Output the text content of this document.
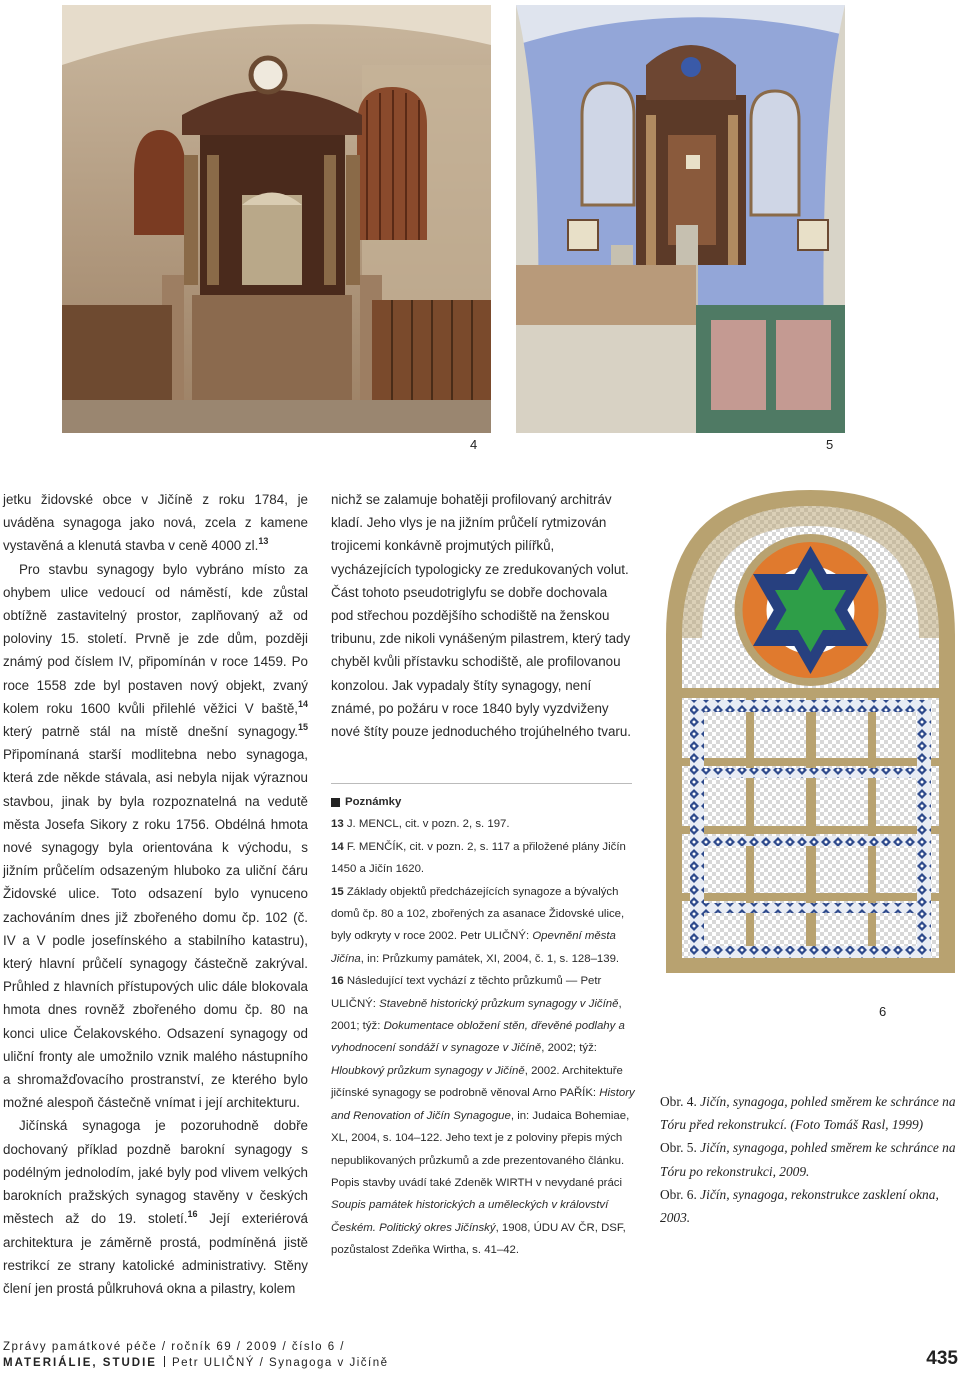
4	5

jetku židovské obce v Jičíně z roku 1784, je uváděna synagoga jako nová, zcela z kamene vystavěná a klenutá stavba v ceně 4000 zl.$^{13}$

Pro stavbu synagogy bylo vybráno místo za ohybem ulice vedoucí od náměstí, kde zůstal obtížně zastavitelný prostor, zaplňovaný až od poloviny 15. století. Prvně je zde dům, později známý pod číslem IV, připomínán v roce 1459. Po roce 1558 zde byl postaven nový objekt, zvaný kolem roku 1600 kvůli přilehlé věžici V baště,$^{14}$ který patrně stál na místě dnešní synagogy.$^{15}$ Připomínaná starší modlitebna nebo synagoga, která zde někde stávala, asi nebyla nijak výraznou stavbou, jinak by byla rozpoznatelná na vedutě města Josefa Sikory z roku 1756. Obdélná hmota nové synagogy byla orientována k východu, s jižním průčelím odsazeným hluboko za uliční čáru Židovské ulice. Toto odsazení bylo vynuceno zachováním dnes již zbořeného domu čp. 102 (č. IV a V podle josefínského a stabilního katastru), který hlavní průčelí synagogy částečně zakrýval. Průhled z hlavních přístupových ulic dále blokovala hmota dnes rovněž zbořeného domu čp. 80 na konci ulice Čelakovského. Odsazení synagogy od uliční fronty ale umožnilo vznik malého nástupního a shromažďovacího prostranství, ze kterého bylo možné alespoň částečně vnímat i její architekturu.

Jičínská synagoga je pozoruhodně dobře dochovaný příklad pozdně barokní synagogy s podélným jednolodím, jaké byly pod vlivem velkých barokních pražských synagog stavěny v českých městech až do 19. století.$^{16}$ Její exteriérová architektura je záměrně prostá, podmíněná jistě restrikcí ze strany katolické administrativy. Stěny člení jen prostá půlkruhová okna a pilastry, kolem

nichž se zalamuje bohatěji profilovaný architráv kladí. Jeho vlys je na jižním průčelí rytmizován trojicemi konkávně projmutých pilířků, vycházejících typologicky ze zredukovaných volut. Část tohoto pseudotriglyfu se dobře dochovala pod střechou pozdějšího schodiště na ženskou tribunu, zde nikoli vynášeným pilastrem, který tady chyběl kvůli přístavku schodiště, ale profilovanou konzolou. Jak vypadaly štíty synagogy, není známé, po požáru v roce 1840 byly vyzdviženy nové štíty pouze jednoduchého trojúhelného tvaru.

Poznámky

13 J. MENCL, cit. v pozn. 2, s. 197.

14 F. MENČÍK, cit. v pozn. 2, s. 117 a přiložené plány Jičín 1450 a Jičín 1620.

15 Základy objektů předcházejících synagoze a bývalých domů čp. 80 a 102, zbořených za asanace Židovské ulice, byly odkryty v roce 2002. Petr ULIČNÝ: Opevnění města Jičína, in: Průzkumy památek, XI, 2004, č. 1, s. 128–139.

16 Následující text vychází z těchto průzkumů — Petr ULIČNÝ: Stavebně historický průzkum synagogy v Jičíně, 2001; týž: Dokumentace obložení stěn, dřevěné podlahy a vyhodnocení sondáží v synagoze v Jičíně, 2002; týž: Hloubkový průzkum synagogy v Jičíně, 2002. Architektuře jičínské synagogy se podrobně věnoval Arno PAŘÍK: History and Renovation of Jičín Synagogue, in: Judaica Bohemiae, XL, 2004, s. 104–122. Jeho text je z poloviny přepis mých nepublikovaných průzkumů a zde prezentovaného článku. Popis stavby uvádí také Zdeněk WIRTH v nevydané práci Soupis památek historických a uměleckých v království Českém. Politický okres Jičínský, 1908, ÚDU AV ČR, DSF, pozůstalost Zdeňka Wirtha, s. 41–42.

6

Obr. 4. Jičín, synagoga, pohled směrem ke schránce na Tóru před rekonstrukcí. (Foto Tomáš Rasl, 1999)

Obr. 5. Jičín, synagoga, pohled směrem ke schránce na Tóru po rekonstrukci, 2009.

Obr. 6. Jičín, synagoga, rekonstrukce zasklení okna, 2003.

Zprávy památkové péče / ročník 69 / 2009 / číslo 6 /
MATERIÁLIE, STUDIE Petr ULIČNÝ / Synagoga v Jičíně	435
